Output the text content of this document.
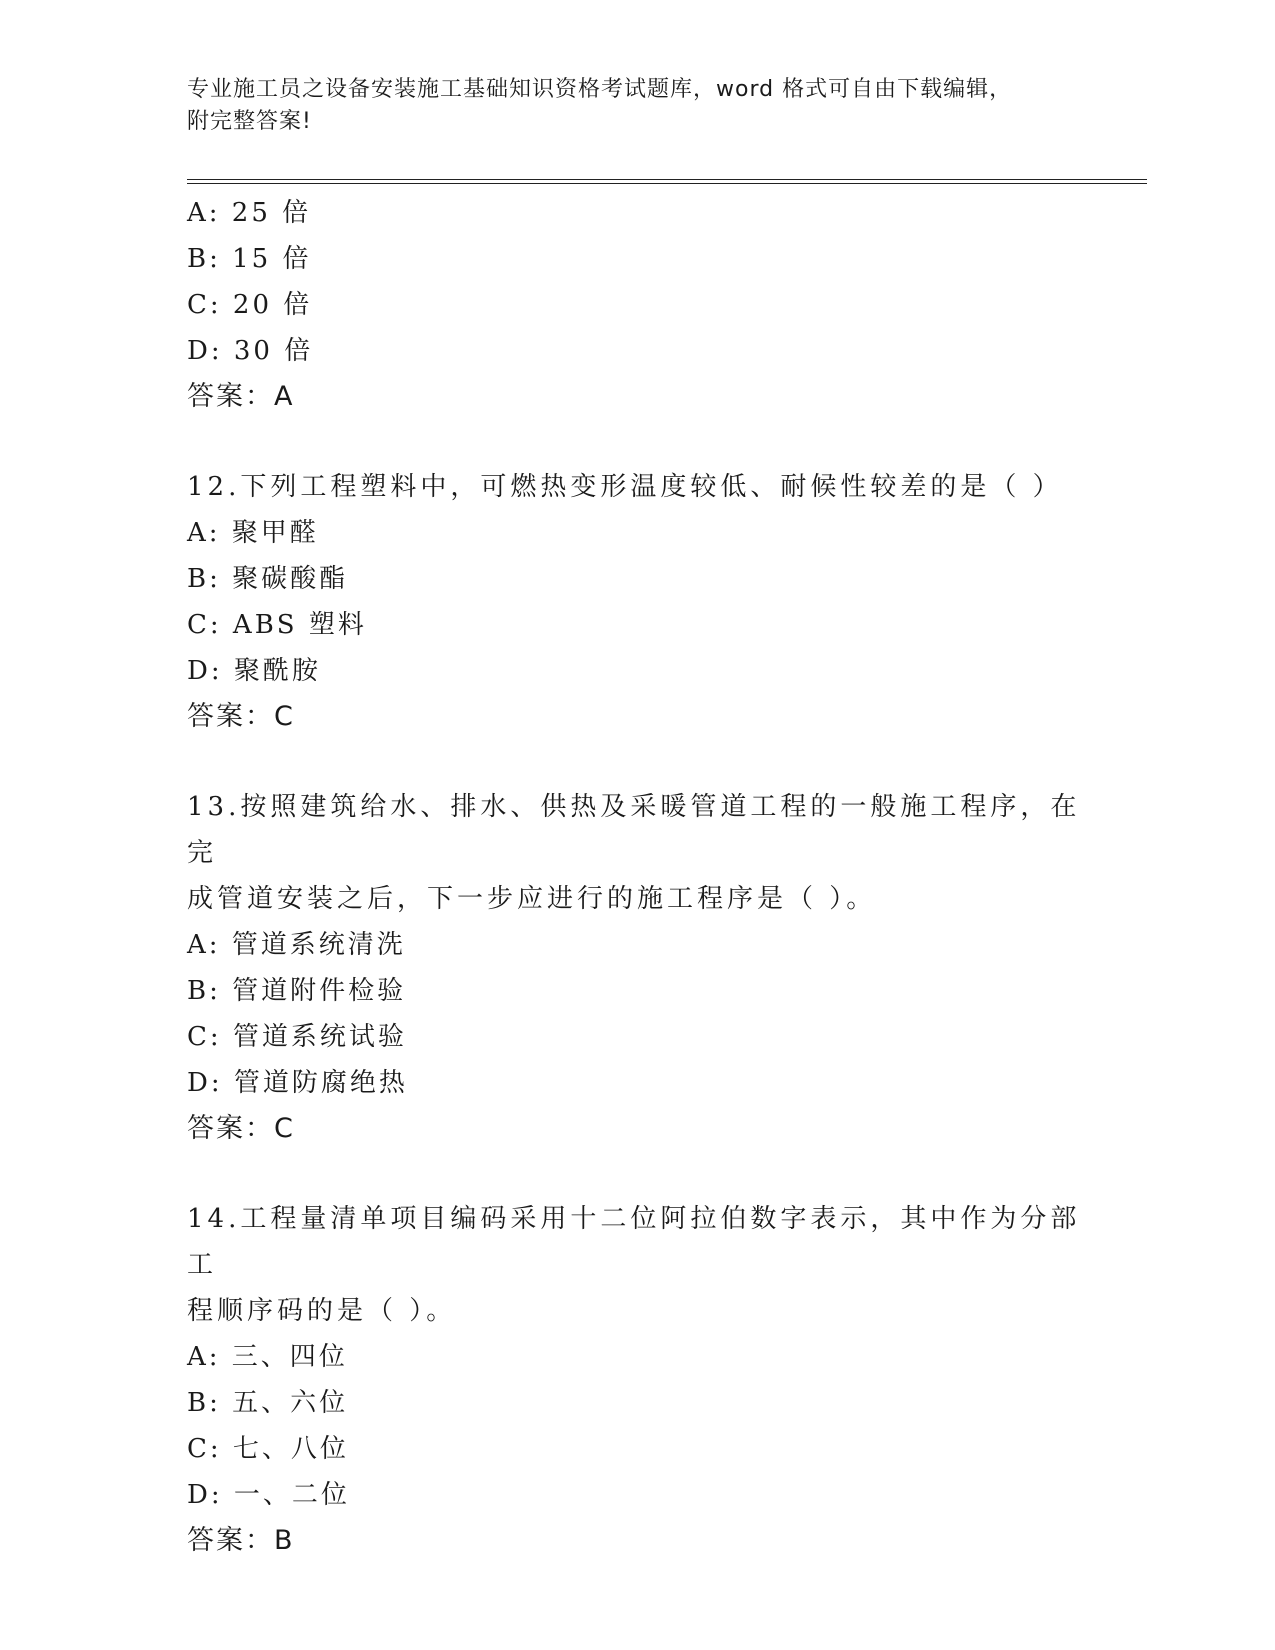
专业施工员之设备安装施工基础知识资格考试题库，word 格式可自由下载编辑，
附完整答案!
A: 25 倍
B: 15 倍
C: 20 倍
D: 30 倍
答案：A
12.下列工程塑料中，可燃热变形温度较低、耐候性较差的是（ ）
A: 聚甲醛
B: 聚碳酸酯
C: ABS 塑料
D: 聚酰胺
答案：C
13.按照建筑给水、排水、供热及采暖管道工程的一般施工程序，在完
成管道安装之后，下一步应进行的施工程序是（ ）。
A: 管道系统清洗
B: 管道附件检验
C: 管道系统试验
D: 管道防腐绝热
答案：C
14.工程量清单项目编码采用十二位阿拉伯数字表示，其中作为分部工
程顺序码的是（ ）。
A: 三、四位
B: 五、六位
C: 七、八位
D: 一、二位
答案：B
